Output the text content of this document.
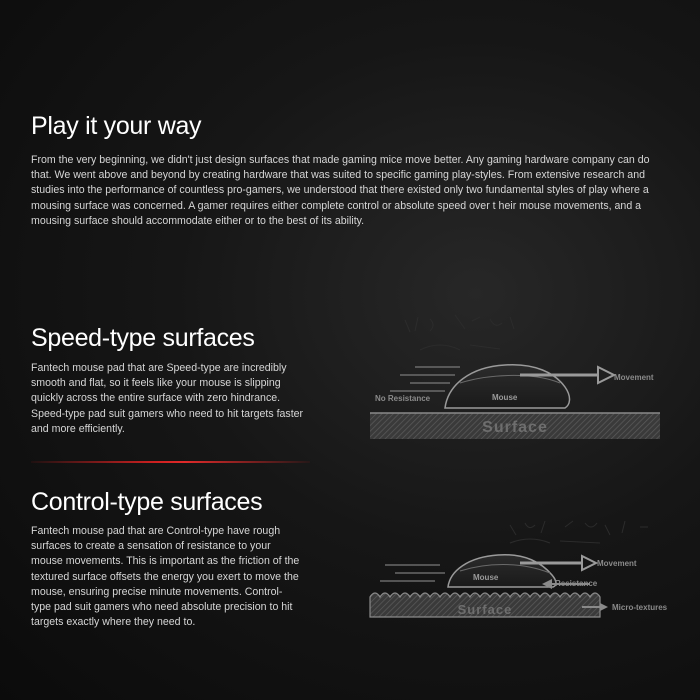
Play it your way

From the very beginning, we didn't just design surfaces that made gaming mice move better. Any gaming hardware company can do that. We went above and beyond by creating hardware that was suited to specific gaming play-styles. From extensive research and studies into the performance of countless pro-gamers, we understood that there existed only two fundamental styles of play where a mousing surface was concerned. A gamer requires either complete control or absolute speed over t heir mouse movements, and a mousing surface should accommodate either or to the best of its ability.

Movement
No Resistance	Mouse
Surface
Speed-type surfaces

Fantech mouse pad that are Speed-type are incredibly smooth and flat, so it feels like your mouse is slipping quickly across the entire surface with zero hindrance. Speed-type pad suit gamers who need to hit targets faster and more efficiently.

Movement
Resistance
Mouse
Surface	Micro-textures
Control-type surfaces

Fantech mouse pad that are Control-type have rough surfaces to create a sensation of resistance to your mouse movements. This is important as the friction of the textured surface offsets the energy you exert to move the mouse, ensuring precise minute movements. Control-type pad suit gamers who need absolute precision to hit targets exactly where they need to.
